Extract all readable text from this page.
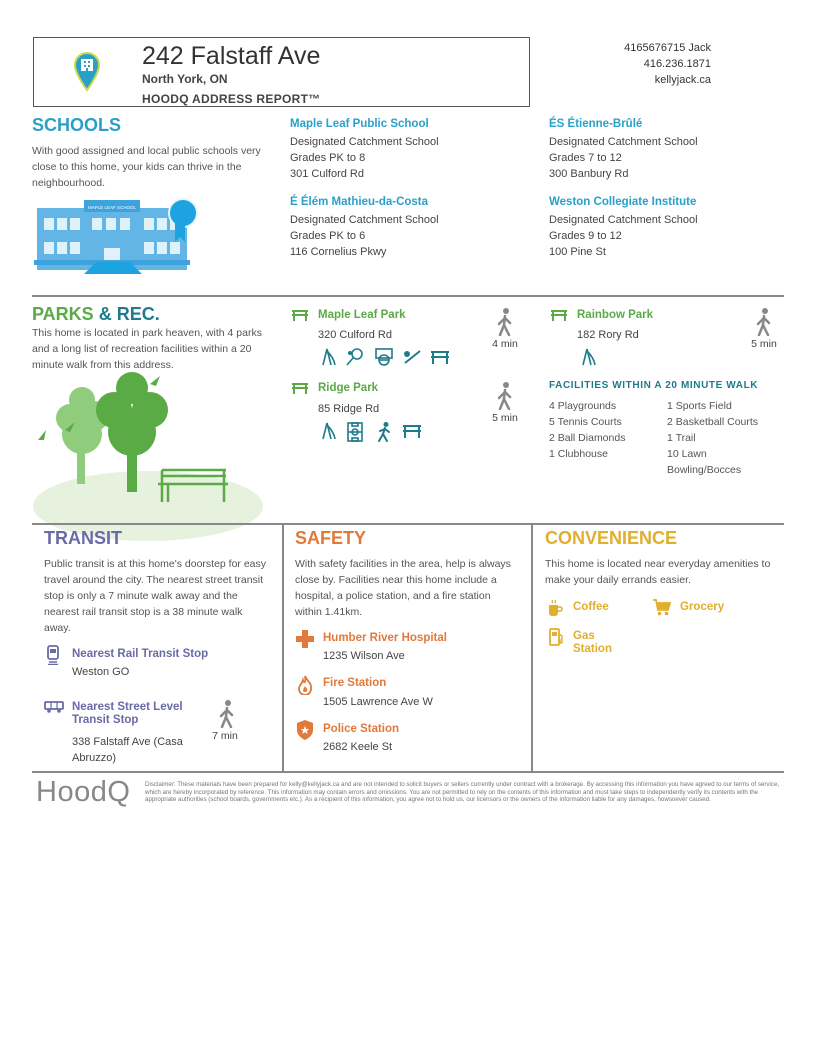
242 Falstaff Ave
North York, ON
HOODQ ADDRESS REPORT™
4165676715 Jack
416.236.1871
kellyjack.ca
SCHOOLS
With good assigned and local public schools very close to this home, your kids can thrive in the neighbourhood.
MAPLE LEAF SCHOOL
Maple Leaf Public School
Designated Catchment School
Grades PK to 8
301 Culford Rd
ÉS Étienne-Brûlé
Designated Catchment School
Grades 7 to 12
300 Banbury Rd
É Élém Mathieu-da-Costa
Designated Catchment School
Grades PK to 6
116 Cornelius Pkwy
Weston Collegiate Institute
Designated Catchment School
Grades 9 to 12
100 Pine St
PARKS & REC.
This home is located in park heaven, with 4 parks and a long list of recreation facilities within a 20 minute walk from this address.
Maple Leaf Park
320 Culford Rd
4 min
Rainbow Park
182 Rory Rd
5 min
Ridge Park
85 Ridge Rd
5 min
FACILITIES WITHIN A 20 MINUTE WALK
4 Playgrounds
5 Tennis Courts
2 Ball Diamonds
1 Clubhouse
1 Sports Field
2 Basketball Courts
1 Trail
10 Lawn Bowling/Bocces
TRANSIT
Public transit is at this home's doorstep for easy travel around the city. The nearest street transit stop is only a 7 minute walk away and the nearest rail transit stop is a 38 minute walk away.
Nearest Rail Transit Stop
Weston GO
Nearest Street Level Transit Stop
338 Falstaff Ave (Casa Abruzzo)
7 min
SAFETY
With safety facilities in the area, help is always close by. Facilities near this home include a hospital, a police station, and a fire station within 1.41km.
Humber River Hospital
1235 Wilson Ave
Fire Station
1505 Lawrence Ave W
Police Station
2682 Keele St
CONVENIENCE
This home is located near everyday amenities to make your daily errands easier.
Coffee	Grocery
Gas Station
HoodQ Disclaimer: These materials have been prepared for kelly@kellyjack.ca and are not intended to solicit buyers or sellers currently under contract with a brokerage. By accessing this information you have agreed to our terms of service, which are hereby incorporated by reference. This information may contain errors and omissions. You are not permitted to rely on the contents of this information and must take steps to independently verify its contents with the appropriate authorities (school boards, governments etc.). As a recipient of this information, you agree not to hold us, our licensors or the owners of the information liable for any damages, howsoever caused.
